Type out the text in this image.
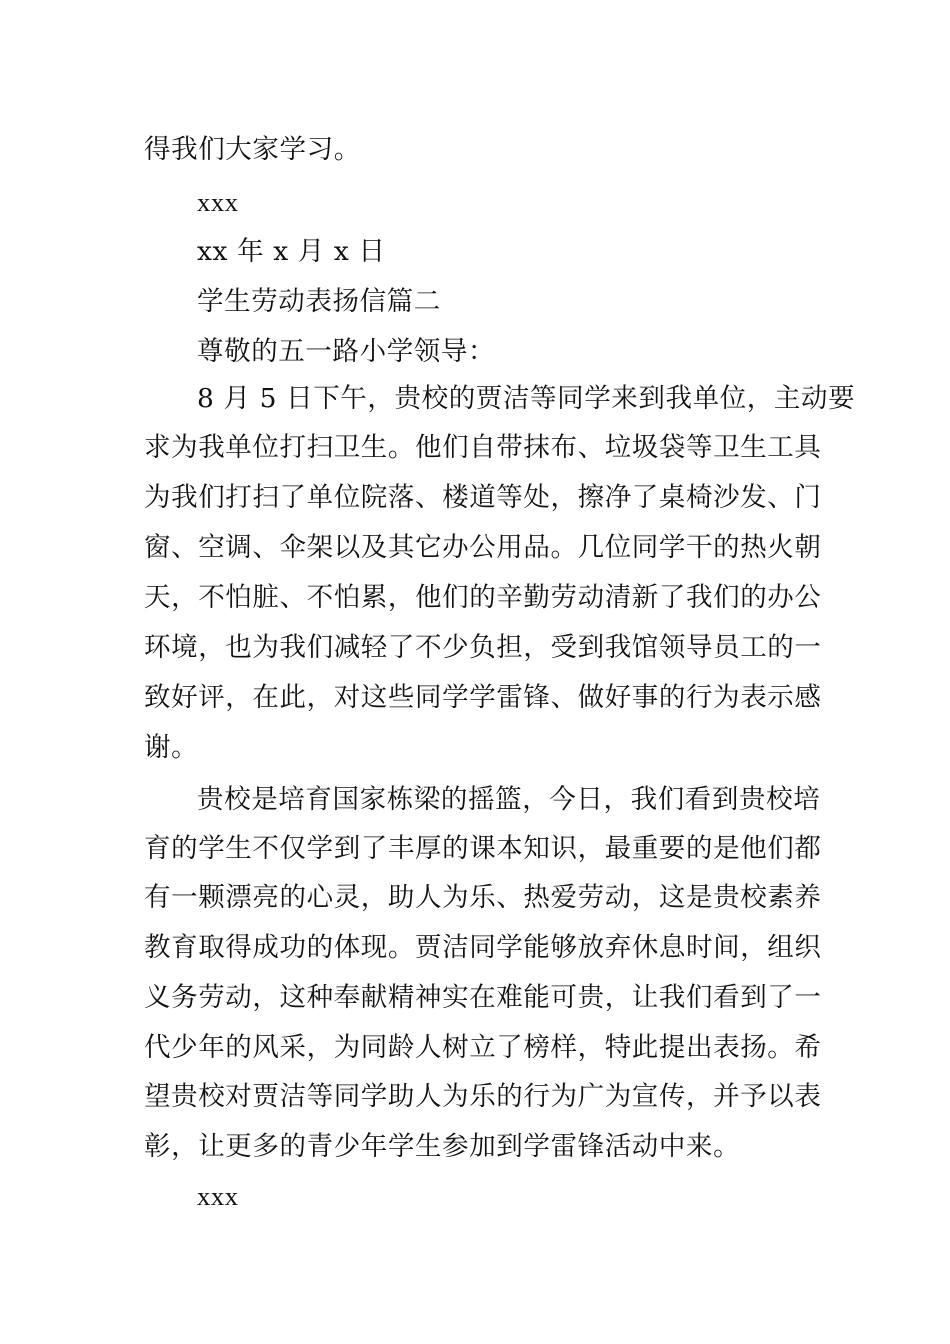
得我们大家学习。
xxx
xx 年 x 月 x 日
学生劳动表扬信篇二
尊敬的五一路小学领导：
8 月 5 日下午，贵校的贾洁等同学来到我单位，主动要
求为我单位打扫卫生。他们自带抹布、垃圾袋等卫生工具
为我们打扫了单位院落、楼道等处，擦净了桌椅沙发、门
窗、空调、伞架以及其它办公用品。几位同学干的热火朝
天，不怕脏、不怕累，他们的辛勤劳动清新了我们的办公
环境，也为我们减轻了不少负担，受到我馆领导员工的一
致好评，在此，对这些同学学雷锋、做好事的行为表示感
谢。
贵校是培育国家栋梁的摇篮，今日，我们看到贵校培
育的学生不仅学到了丰厚的课本知识，最重要的是他们都
有一颗漂亮的心灵，助人为乐、热爱劳动，这是贵校素养
教育取得成功的体现。贾洁同学能够放弃休息时间，组织
义务劳动，这种奉献精神实在难能可贵，让我们看到了一
代少年的风采，为同龄人树立了榜样，特此提出表扬。希
望贵校对贾洁等同学助人为乐的行为广为宣传，并予以表
彰，让更多的青少年学生参加到学雷锋活动中来。
xxx
